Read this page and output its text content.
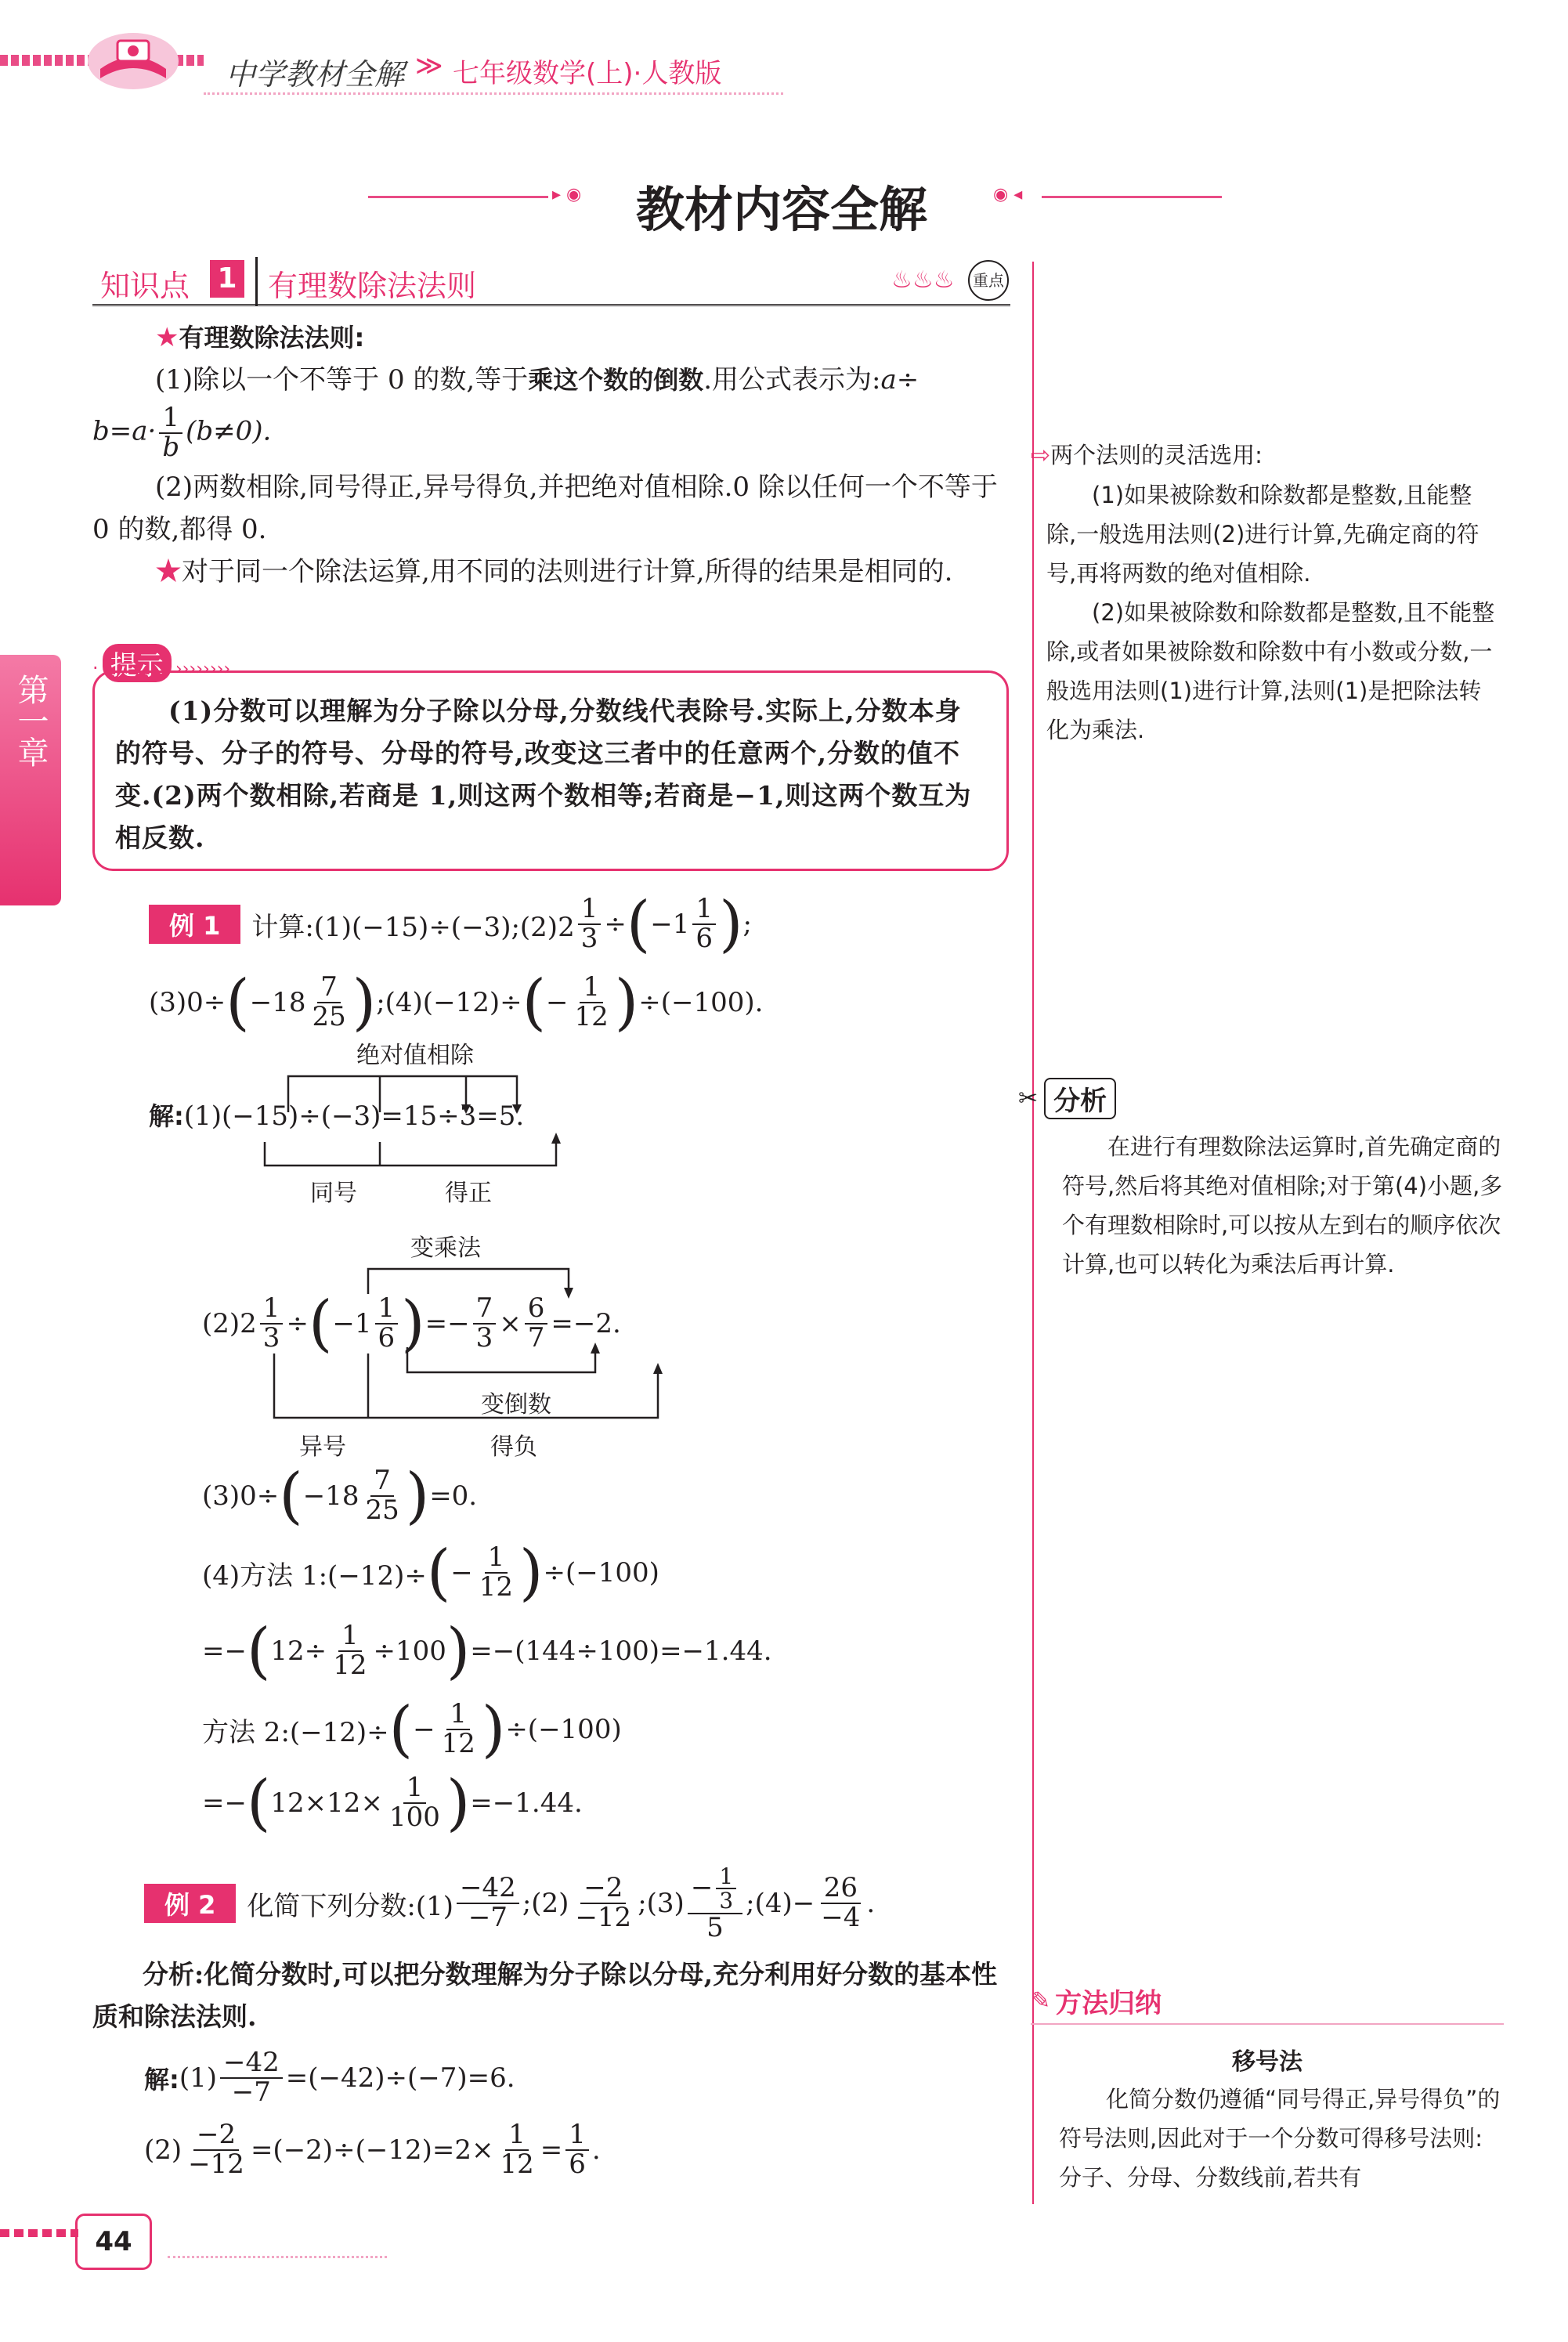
中学教材全解 ≫ 七年级数学(上)·人教版
▸ ◉ 教材内容全解	◉ ◂
知识点 1 有理数除法法则	♨♨♨	重点
★有理数除法法则:
(1)除以一个不等于 0 的数,等于乘这个数的倒数.用公式表示为:a÷
$b=a\cdot \frac{1}{b} (b\ne 0)$.
(2)两数相除,同号得正,异号得负,并把绝对值相除.0 除以任何一个不等于 0 的数,都得 0.
★对于同一个除法运算,用不同的法则进行计算,所得的结果是相同的.
· 提示 ››››››››
(1)分数可以理解为分子除以分母,分数线代表除号.实际上,分数本身的符号、分子的符号、分母的符号,改变这三者中的任意两个,分数的值不变.(2)两个数相除,若商是 1,则这两个数相等;若商是−1,则这两个数互为相反数.
第一章
例 1	计算:(1)(−15)÷(−3);(2)2 $\frac{1}{3}$ ÷ ( $-1 \frac{1}{6}$ ) ;
(3)0÷ ( $-18 \frac{7}{25}$ ) ;(4)(−12)÷ ( − $\frac{1}{12}$ ) ÷(−100).
绝对值相除
解:(1)(−15)÷(−3)=15÷3=5.
同号	得正
变乘法
$(2)2 \frac{1}{3}$ ÷ ( $-1 \frac{1}{6}$ ) =− $\frac{7}{3} \times \frac{6}{7} =-2$.
变倒数
异号	得负
(3)0÷ ( $-18 \frac{7}{25}$ ) =0.
(4)方法 1:(−12)÷ ( − $\frac{1}{12}$ ) ÷(−100)
=− ( $12\div \frac{1}{12} \div 100$ ) =−(144÷100)=−1.44.
方法 2:(−12)÷ ( − $\frac{1}{12}$ ) ÷(−100)
=− ( $12\times 12\times \frac{1}{100}$ ) =−1.44.
例 2	化简下列分数:(1) $\frac{-42}{-7}$ ;(2) $\frac{-2}{-12}$ ;(3) $\frac{- \frac{1}{3}}{5}$ ;(4)− $\frac{26}{-4}$ .
分析:化简分数时,可以把分数理解为分子除以分母,充分利用好分数的基本性质和除法法则.
解: $(1) \frac{-42}{-7} =(-42)\div(-7)=6$.
$(2) \frac{-2}{-12} =(-2)\div(-12)=2\times \frac{1}{12} = \frac{1}{6}$ .
⇨两个法则的灵活选用:
(1)如果被除数和除数都是整数,且能整除,一般选用法则(2)进行计算,先确定商的符号,再将两数的绝对值相除.
(2)如果被除数和除数都是整数,且不能整除,或者如果被除数和除数中有小数或分数,一般选用法则(1)进行计算,法则(1)是把除法转化为乘法.
✂ 分析
在进行有理数除法运算时,首先确定商的符号,然后将其绝对值相除;对于第(4)小题,多个有理数相除时,可以按从左到右的顺序依次计算,也可以转化为乘法后再计算.
✎ 方法归纳
移号法
化简分数仍遵循“同号得正,异号得负”的符号法则,因此对于一个分数可得移号法则:分子、分母、分数线前,若共有
44
